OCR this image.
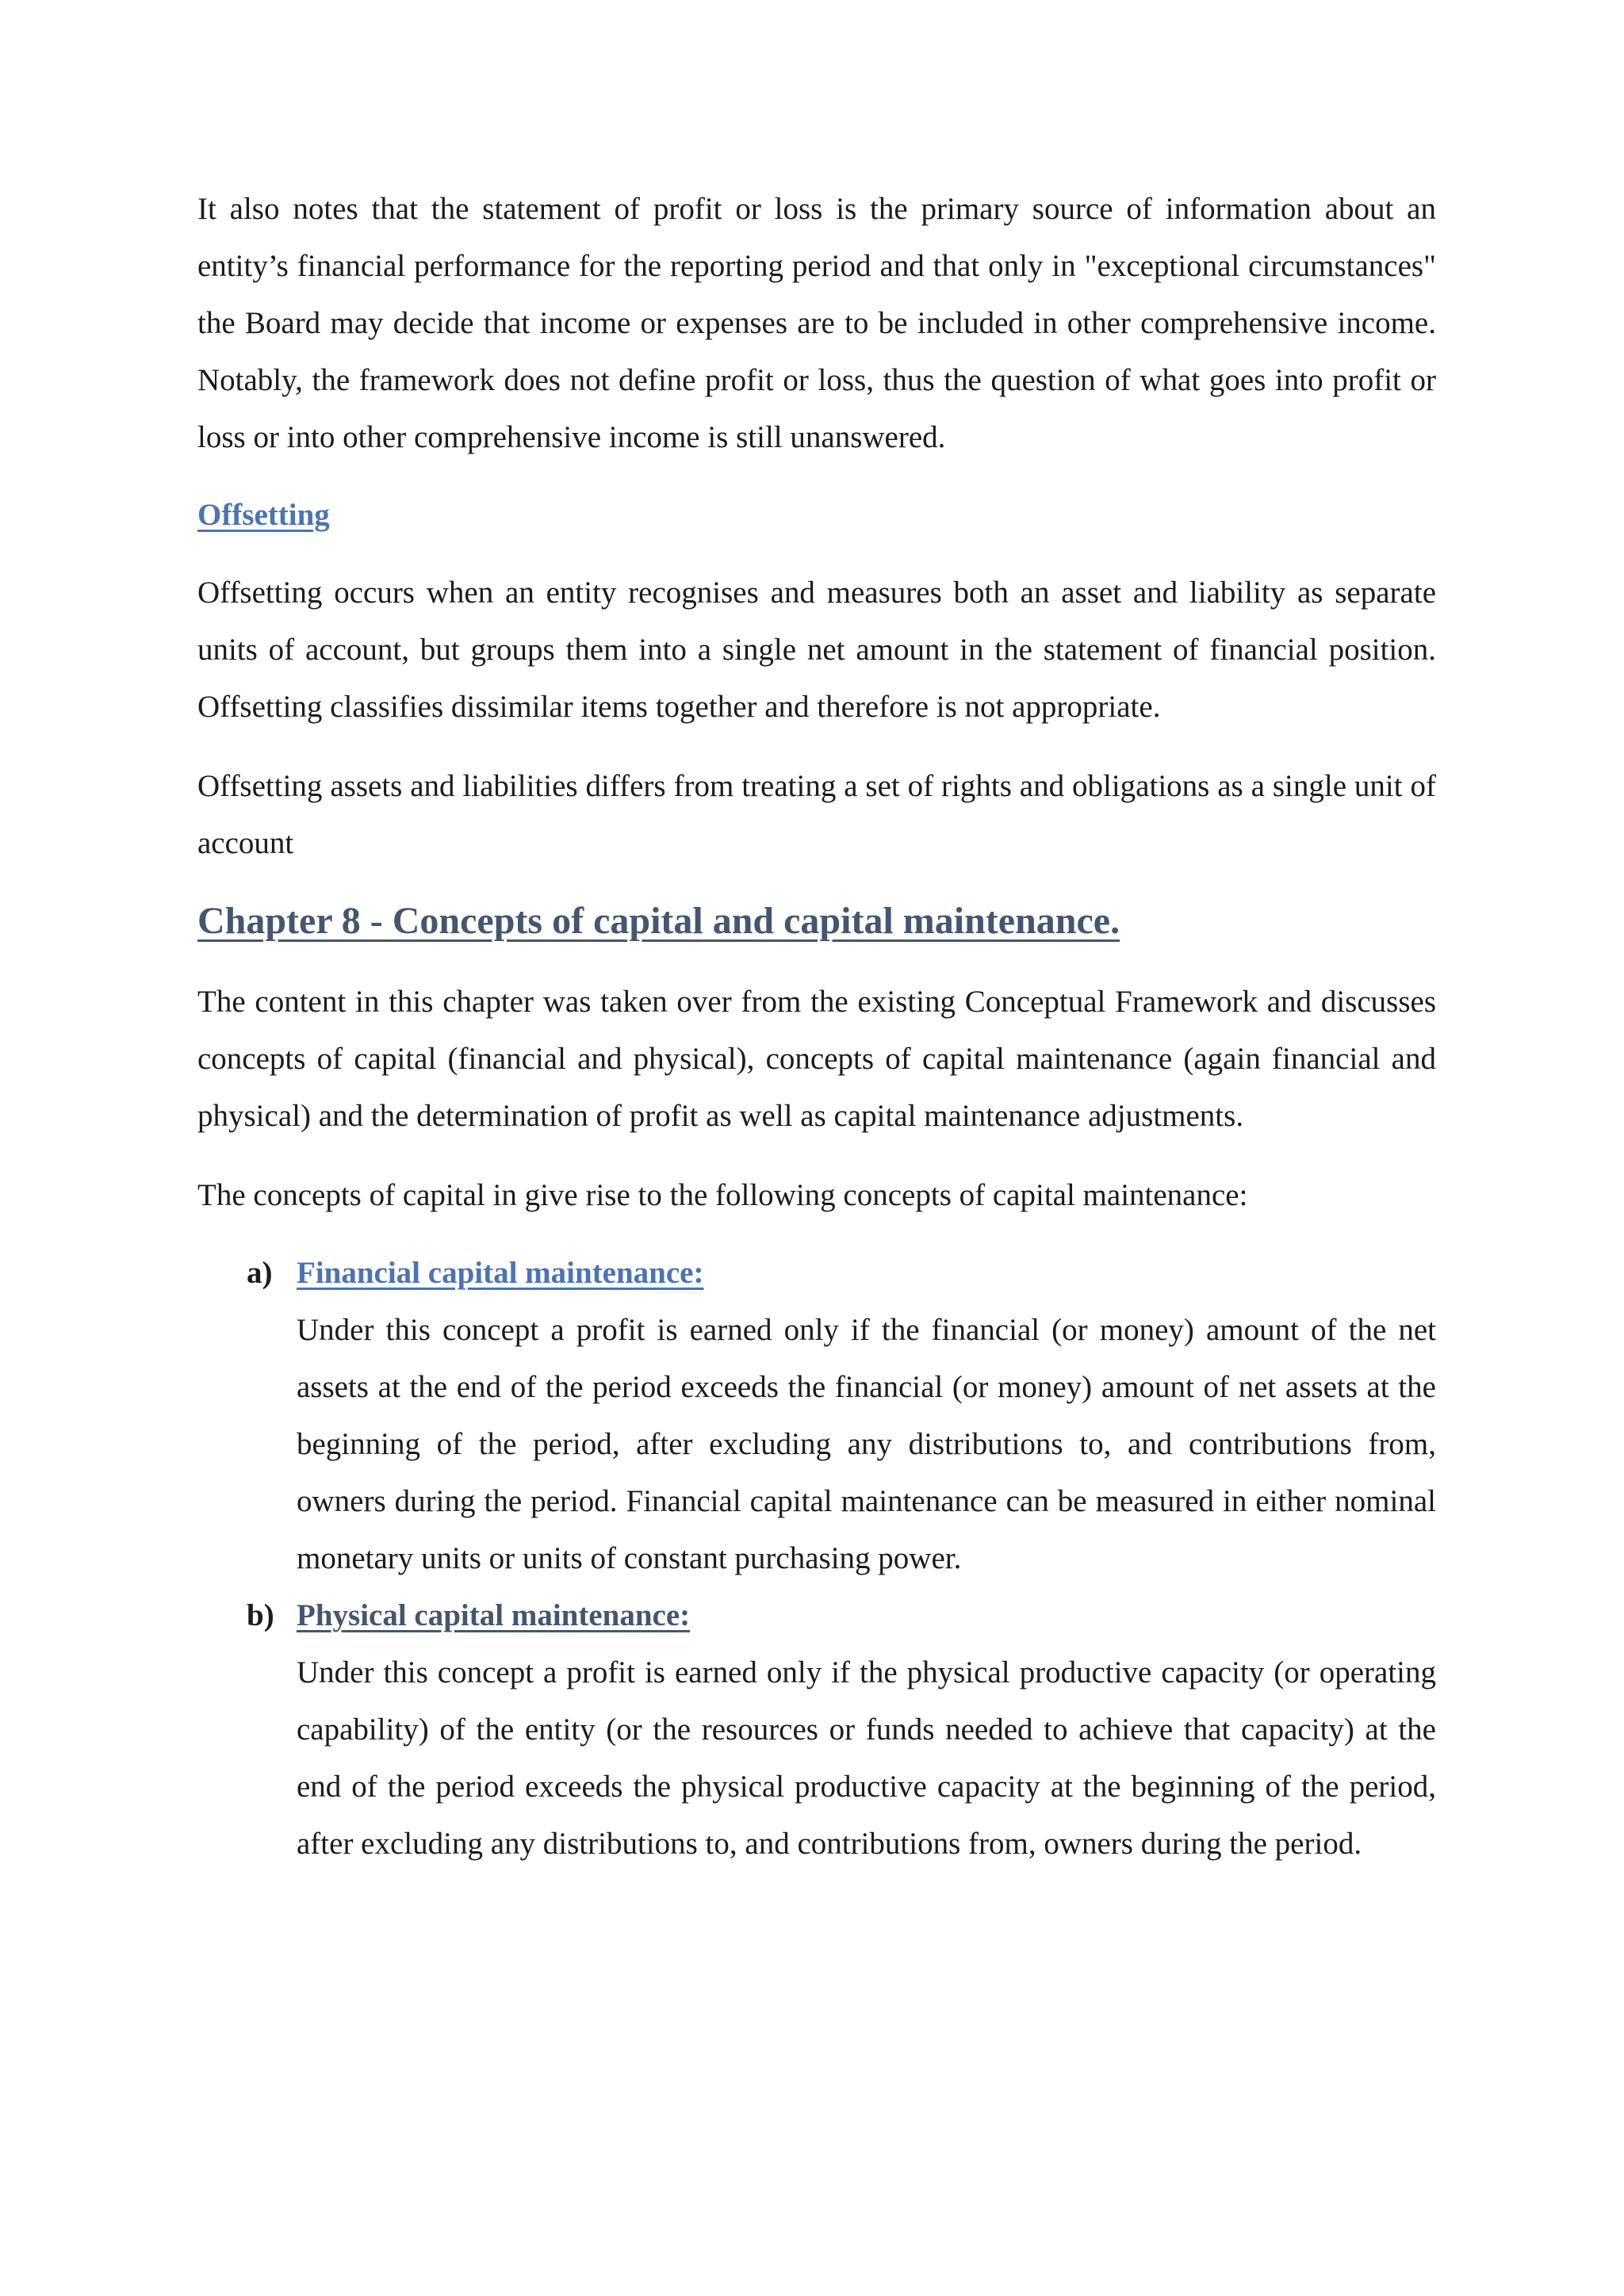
It also notes that the statement of profit or loss is the primary source of information about an entity’s financial performance for the reporting period and that only in "exceptional circumstances" the Board may decide that income or expenses are to be included in other comprehensive income. Notably, the framework does not define profit or loss, thus the question of what goes into profit or loss or into other comprehensive income is still unanswered.

Offsetting

Offsetting occurs when an entity recognises and measures both an asset and liability as separate units of account, but groups them into a single net amount in the statement of financial position. Offsetting classifies dissimilar items together and therefore is not appropriate.

Offsetting assets and liabilities differs from treating a set of rights and obligations as a single unit of account

Chapter 8 - Concepts of capital and capital maintenance.

The content in this chapter was taken over from the existing Conceptual Framework and discusses concepts of capital (financial and physical), concepts of capital maintenance (again financial and physical) and the determination of profit as well as capital maintenance adjustments.

The concepts of capital in give rise to the following concepts of capital maintenance:

a) Financial capital maintenance:

Under this concept a profit is earned only if the financial (or money) amount of the net assets at the end of the period exceeds the financial (or money) amount of net assets at the beginning of the period, after excluding any distributions to, and contributions from, owners during the period. Financial capital maintenance can be measured in either nominal monetary units or units of constant purchasing power.

b) Physical capital maintenance:

Under this concept a profit is earned only if the physical productive capacity (or operating capability) of the entity (or the resources or funds needed to achieve that capacity) at the end of the period exceeds the physical productive capacity at the beginning of the period, after excluding any distributions to, and contributions from, owners during the period.
